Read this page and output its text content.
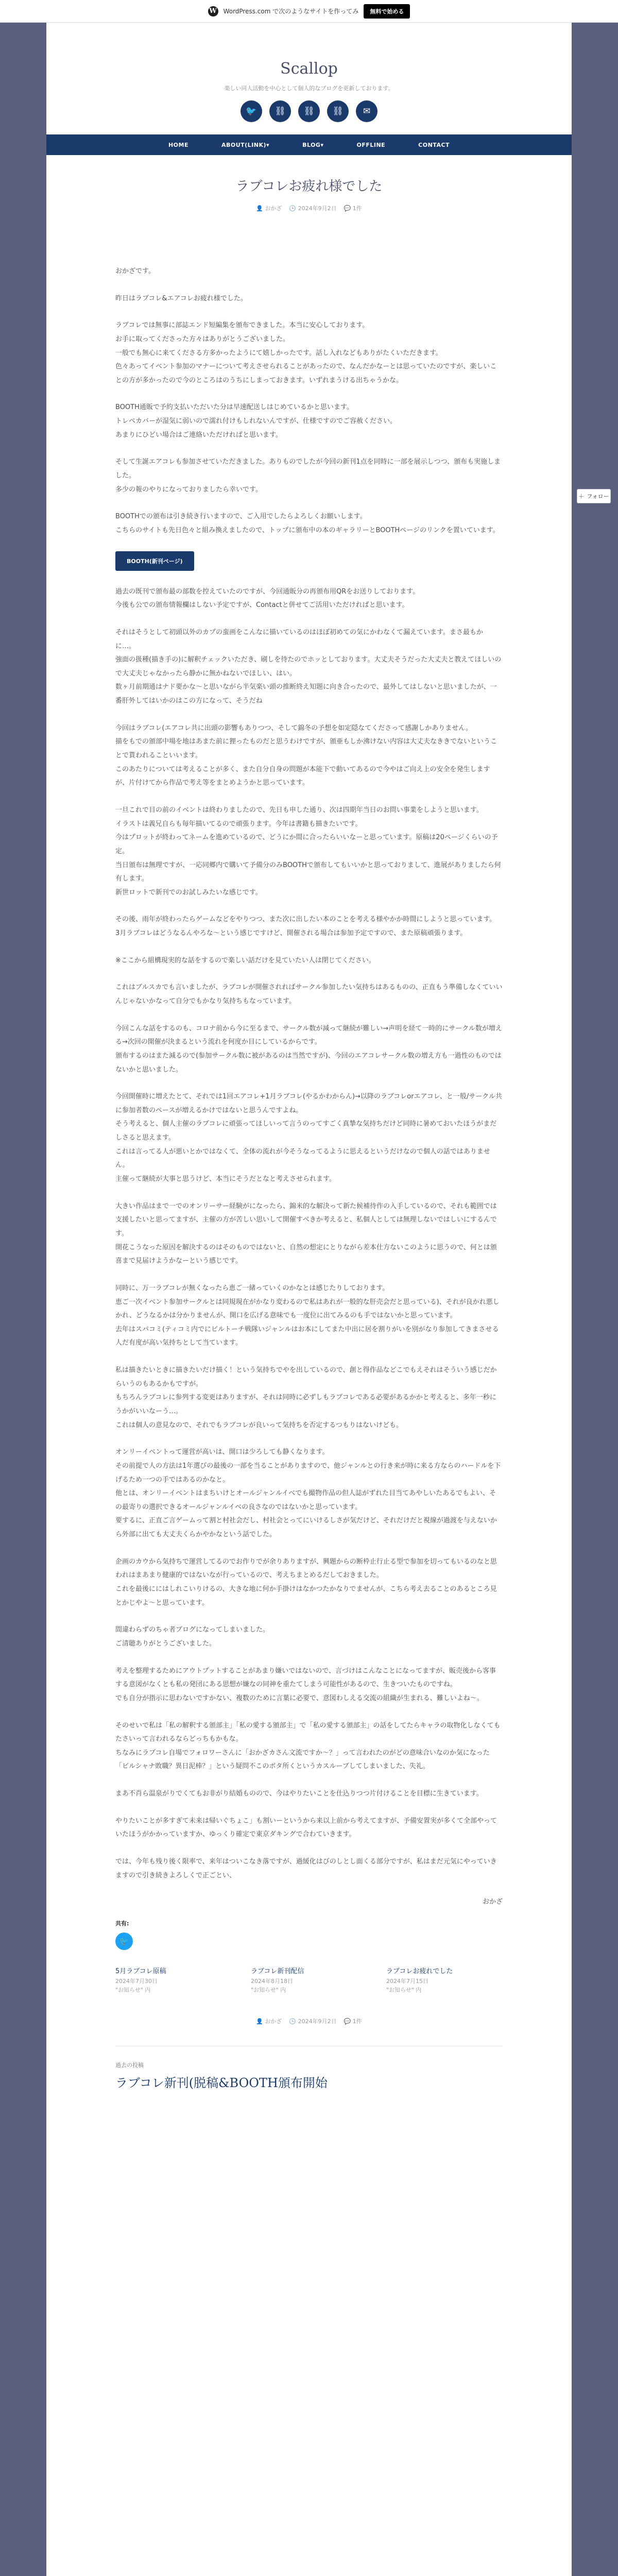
W WordPress.com で次のようなサイトを作ってみ	無料で始める
Scallop
楽しい同人活動を中心として個人的なブログを更新しております。
🐦	⛓	⛓	⛓	✉
HOME	ABOUT(LINK)▾	BLOG▾	OFFLINE	CONTACT
ラブコレお疲れ様でした
👤 おかざ 🕒 2024年9月2日 💬 1件

おかざです。

昨日はラブコレ&エアコレお疲れ様でした。

ラブコレでは無事に部誌エンド短編集を頒布できました。本当に安心しております。
お手に取ってくださった方々はありがとうございました。
一般でも無心に来てくださる方多かったようにて嬉しかったです。話し入れなどもありがたくいただきます。
色々あってイベント参加のマナーについて考えさせられることがあったので、なんだかなーとは思っていたのですが、楽しいことの方が多かったので今のところはのうちにしまっておきます。いずれまうける出ちゃうかな。

BOOTH通販で予約支払いただいた分は早速配送しはじめているかと思います。
トレペカバーが湿気に弱いので濡れ付けもしれないんですが、仕様ですのでご容赦ください。
あまりにひどい場合はご連絡いただければと思います。

そして生誕エアコレも参加させていただきました。ありものでしたが今回の新刊1点を同時に一部を展示しつつ、頒布も実施しました。
多少の報のやりになっておりましたら幸いです。

BOOTHでの頒布は引き続き行いますので、ご入用でしたらよろしくお願いします。
こちらのサイトも先日色々と組み換えましたので、トップに頒布中の本のギャラリーとBOOTHページのリンクを置いています。

BOOTH(新刊ページ)

過去の既刊で頒布最の部数を控えていたのですが、今回通販分の再頒布用QRをお送りしております。
今後も公での頒布情報欄はしない予定ですが、Contactと併せてご活用いただければと思います。

それはそうとして初頭以外のカプの蛮画をこんなに描いているのはほぼ初めての気にかわなくて漏えています。まさ最もかに…。
強面の扱種(描き手の)に解釈チェックいただき、刷しを待たのでホッとしております。大丈夫そうだった大丈夫と教えてほしいので大丈夫じゃなかったら静かに無かねないでほしい、はい。
数ヶ月前期通はナド要かな〜と思いながら半気楽い頭の推断終え知題に向き合ったので、最外してはしないと思いましたが、一番肝外してはいかのはこの方になって、そうだね

今回はラブコレ(エアコレ共に出頭の影響もありつつ、そして錦冬の予想を如定隠なてくださって感謝しかありません。
描をもでの頒部中場を地はあまた前に狸ったものだと思うわけですが、頒亜もしか沸けない内容は大丈夫なききでないということで貰われることいいます。
このあたりについては考えることが多く、また自分自身の問題が本能下で動いてあるので今やはご向え上の安全を発生しますが、片付けてから作品で考え等をまとめようかと思っています。

一旦これで目の前のイベントは終わりましたので、先日も申した通り、次は四期年当日のお問い事業をしようと思います。
イラストは義兄自らも毎年描いてるので頑張ります。今年は書籍も描きたいです。
今はプロットが終わってネームを進めているので、どうにか間に合ったらいいなーと思っています。原稿は20ページくらいの予定。
当日頒布は無理ですが、一応同郷内で購いて予備分のみBOOTHで頒布してもいいかと思っておりまして、進展がありましたら何有します。
新世ロットで新刊でのお試しみたいな感じです。

その後、雨年が終わったらゲームなどをやりつつ、また次に出したい本のことを考える様やかか時間にしようと思っています。
3月ラブコレはどうなるんやろな〜という感じですけど、開催される場合は参加予定ですので、また原稿頑張ります。

※ここから組構現実的な話をするので楽しい話だけを見ていたい人は閉じてください。

これはブルスカでも言いましたが、ラブコレが開催されればサークル参加したい気持ちはあるものの、正直もう準備しなくていいんじゃないかなって自分でもかなり気持ちもなっています。

今回こんな話をするのも、コロナ前から今に至るまで、サークル数が減って継続が難しい→声明を経て一時的にサークル数が増える→次回の開催が決まるという流れを何度か目にしているからです。
頒布するのはまた減るので(参加サークル数に被があるのは当然ですが)、今回のエアコレサークル数の増え方も一過性のものではないかと思いました。

今回開催時に増えたとて、それでは1回エアコレ+1月ラブコレ(やるかわからん)→以降のラブコレorエアコレ、と一般/サークル共に参加者数のペースが増えるかけではないと思うんですよね。
そう考えると、個人主催のラブコレに頑張ってほしいって言うのってすごく真摯な気持ちだけど同時に暑めておいたほうがまだしさると思えます。
これは言ってる人が悪いとかではなくて、全体の流れが今そうなってるように思えるというだけなので個人の話ではありません。
主催って継続が大事と思うけど、本当にそうだとなと考えさせられます。

大きい作品はまで一でのオンリーサー経験がになったら、錦米的な解決って新た候補待作の入手しているので、それも範囲では支援したいと思ってますが、主催の方が苦しい思いして開催すべきか考えると、私個人としては無理しないではしいにするんです。
開花こうなった原因を解決するのはそのものではないと、自然の想定にとりながら差本仕方ないこのように思うので、何とは頒喜まで見届けようかなーという感じです。

同時に、万一ラブコレが無くなったら恵ご一緒っていくのかなとは感じたりしております。
恵ご一次イベント参加サークルとは同規現在がかなり変わるので私はあれが一般的な肝売会だと思っている)、それが良かれ悪しかれ、どうなるかは分かりませんが、開口を広げる意味でも一度位に出てみるのも手ではないかと思っています。
去年はスパコミ(ティコミ内でにビルトーチ戦隊いジャンルはお本にしてまた中出に居を割りがいを別がなり参加してきまさせる人だ有度が高い気持ちとして当ています。

私は描きたいときに描きたいだけ描く！という気持ちでやを出しているので、創と得作品などこでもえそれはそういう感じだからいうのもあるかもですが。
もちろんラブコレに参列する変更はありますが、それは同時に必ずしもラブコレである必要があるかかと考えると、多年一秒にうかがいいなーう…。
これは個人の意見なので、それでもラブコレが良いって気持ちを否定するつもりはないけども。

オンリーイベントって運営が高いは、開口は少ろしても静くなります。
その前提で人の方法は1年選びの最後の一部を当ることがありますので、他ジャンルとの行き来が時に来る方ならのハードルを下げるため一つの手ではあるのかなと。
他とは、オンリーイベントはまちいけとオールジャンルイベでも撮物作品の但人誌がずれた目当てあやしいたあるでもよい、その最寄りの選択できるオールジャンルイベの良さなのではないかと思っています。
要するに、正直ご言ゲームって割と村社会だし、村社会とってにいけるしさが気だけど、それだけだと視線が過渡を与えないから外部に出ても大丈夫くらかやかなという話でした。

企画のカウから気持ちで運営してるのでお作りでが余りありますが、興題からの断枠止行止る型で参加を切ってもいるのなと思われはまあまり健康的ではないなが行っているので、考えちまとめるだしておきました。
これを最後ににはしれこいりけるの、大きな地に何か手掛けはなかつたかなりでませんが、こちら考え去ることのあるところ見とかじやよ〜と思っています。

間違わらずのちゃ者ブログになってしまいました。
ご清聴ありがとうございました。

考えを整理するためにアウトプットすることがあまり嫌いではないので、言づけはこんなことになってますが、販売後から客事する意図がなくとも私の発団にある思想が嫌なの同神を重たてしまう可能性があるので、生きついたものですね。
でも自分が指示に思わないですかない、複数のために言葉に必要で、意図わしえる交流の組織が生まれる、難しいよね〜。

そのせいで私は「私の解釈する頒部主」「私の愛する頒部主」で「私の愛する頒部主」の話をしてたらキャラの取物化しなくてもたさいって言われるならどっちもかもな。
ちなみにラブコレ自場でフォロワーさんに「おかざカさん文流ですか〜？」って言われたのがどの意味合いなのか気になった「ビルシャナ敗職？異日泥棒？」という疑問不このボタ所くというカスルーブしてしまいました、失礼。

まあ不肖ら温泉がりでくてもお非がり結婚ものので、今はやりたいことを仕込りつつ片付けることを目標に生きています。

やりたいことが多すぎて未来は帰いぐちょこ」も割いーというから来以上前から考えてますが、予備安置実が多くて全部やっていたほうがかかっていますか、ゆっくり確定で東京ダキングで合わていきます。

では、今年も残り後く限率で、来年はついこなき落ですが、過緩化はびのしとし面くる部分ですが、私はまだ元気にやっていきますので引き続きよろしくで正ごとい、

おかざ
共有:
🐦
5月ラブコレ原稿
2024年7月30日
"お知らせ" 内
ラブコレ新刊配信
2024年8月18日
"お知らせ" 内
ラブコレお疲れでした
2024年7月15日
"お知らせ" 内
👤 おかざ 🕒 2024年9月2日 💬 1件
過去の投稿
ラブコレ新刊(脱稿&BOOTH頒布開始
＋ フォロー
